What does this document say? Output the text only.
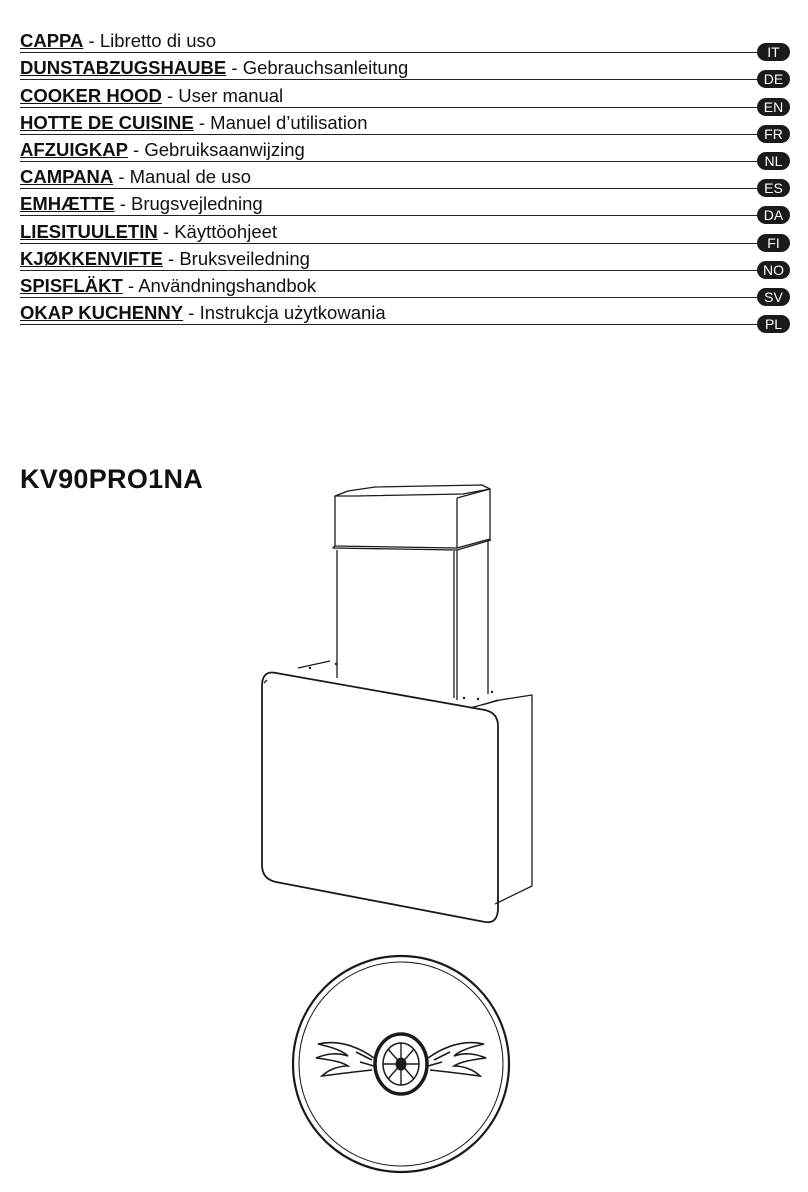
CAPPA - Libretto di uso
IT
DUNSTABZUGSHAUBE - Gebrauchsanleitung
DE
COOKER HOOD - User manual
EN
HOTTE DE CUISINE - Manuel d’utilisation
FR
AFZUIGKAP - Gebruiksaanwijzing
NL
CAMPANA - Manual de uso
ES
EMHÆTTE - Brugsvejledning
DA
LIESITUULETIN - Käyttöohjeet
FI
KJØKKENVIFTE - Bruksveiledning
NO
SPISFLÄKT - Användningshandbok
SV
OKAP KUCHENNY - Instrukcja użytkowania
PL
KV90PRO1NA
